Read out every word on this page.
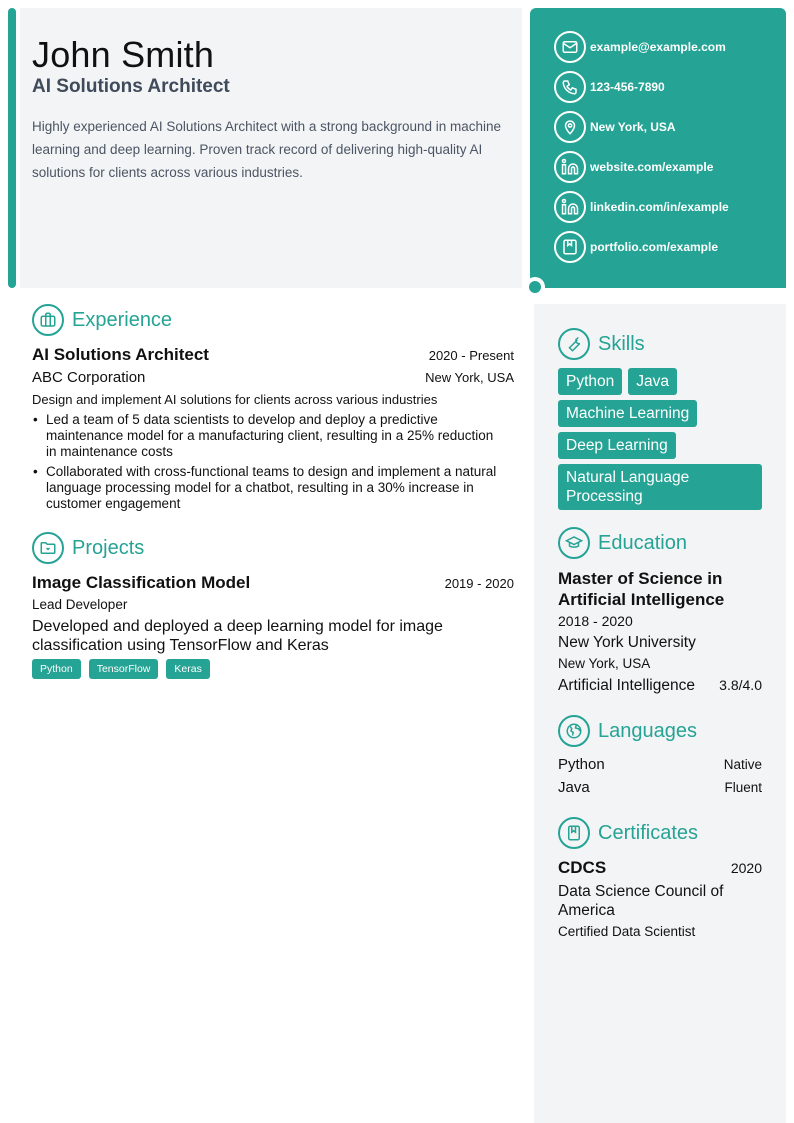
John Smith
AI Solutions Architect

Highly experienced AI Solutions Architect with a strong background in machine learning and deep learning. Proven track record of delivering high-quality AI solutions for clients across various industries.

example@example.com
123-456-7890
New York, USA
website.com/example
linkedin.com/in/example
portfolio.com/example
Experience
AI Solutions Architect	2020 - Present
ABC Corporation	New York, USA
Design and implement AI solutions for clients across various industries
• Led a team of 5 data scientists to develop and deploy a predictive maintenance model for a manufacturing client, resulting in a 25% reduction in maintenance costs
• Collaborated with cross-functional teams to design and implement a natural language processing model for a chatbot, resulting in a 30% increase in customer engagement
Projects
Image Classification Model	2019 - 2020
Lead Developer
Developed and deployed a deep learning model for image classification using TensorFlow and Keras
Python	TensorFlow	Keras
Skills
Python	Java
Machine Learning
Deep Learning
Natural Language Processing
Education
Master of Science in Artificial Intelligence
2018 - 2020
New York University
New York, USA
Artificial Intelligence 3.8/4.0
Languages
Python	Native
Java	Fluent
Certificates
CDCS	2020
Data Science Council of America
Certified Data Scientist
